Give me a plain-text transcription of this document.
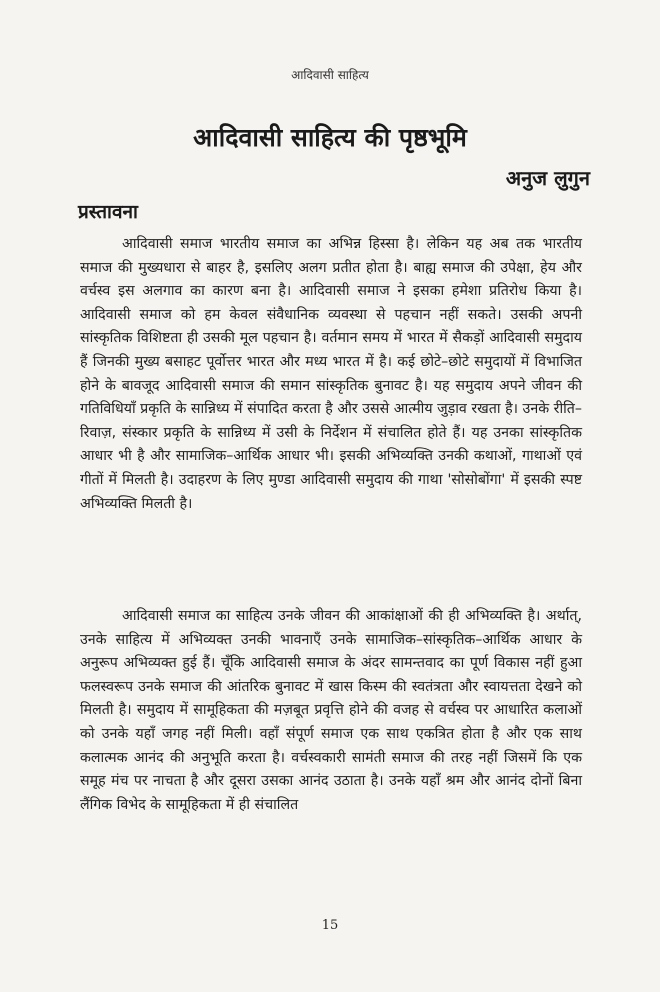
आदिवासी साहित्य
आदिवासी साहित्य की पृष्ठभूमि
अनुज लुगुन
प्रस्तावना

आदिवासी समाज भारतीय समाज का अभिन्न हिस्सा है। लेकिन यह अब तक भारतीय समाज की मुख्यधारा से बाहर है, इसलिए अलग प्रतीत होता है। बाह्य समाज की उपेक्षा, हेय और वर्चस्व इस अलगाव का कारण बना है। आदिवासी समाज ने इसका हमेशा प्रतिरोध किया है। आदिवासी समाज को हम केवल संवैधानिक व्यवस्था से पहचान नहीं सकते। उसकी अपनी सांस्कृतिक विशिष्टता ही उसकी मूल पहचान है। वर्तमान समय में भारत में सैकड़ों आदिवासी समुदाय हैं जिनकी मुख्य बसाहट पूर्वोत्तर भारत और मध्य भारत में है। कई छोटे–छोटे समुदायों में विभाजित होने के बावजूद आदिवासी समाज की समान सांस्कृतिक बुनावट है। यह समुदाय अपने जीवन की गतिविधियाँ प्रकृति के सान्निध्य में संपादित करता है और उससे आत्मीय जुड़ाव रखता है। उनके रीति–रिवाज़, संस्कार प्रकृति के सान्निध्य में उसी के निर्देशन में संचालित होते हैं। यह उनका सांस्कृतिक आधार भी है और सामाजिक–आर्थिक आधार भी। इसकी अभिव्यक्ति उनकी कथाओं, गाथाओं एवं गीतों में मिलती है। उदाहरण के लिए मुण्डा आदिवासी समुदाय की गाथा 'सोसोबोंगा' में इसकी स्पष्ट अभिव्यक्ति मिलती है।

आदिवासी समाज का साहित्य उनके जीवन की आकांक्षाओं की ही अभिव्यक्ति है। अर्थात्, उनके साहित्य में अभिव्यक्त उनकी भावनाएँ उनके सामाजिक–सांस्कृतिक–आर्थिक आधार के अनुरूप अभिव्यक्त हुई हैं। चूँकि आदिवासी समाज के अंदर सामन्तवाद का पूर्ण विकास नहीं हुआ फलस्वरूप उनके समाज की आंतरिक बुनावट में खास किस्म की स्वतंत्रता और स्वायत्तता देखने को मिलती है। समुदाय में सामूहिकता की मज़बूत प्रवृत्ति होने की वजह से वर्चस्व पर आधारित कलाओं को उनके यहाँ जगह नहीं मिली। वहाँ संपूर्ण समाज एक साथ एकत्रित होता है और एक साथ कलात्मक आनंद की अनुभूति करता है। वर्चस्वकारी सामंती समाज की तरह नहीं जिसमें कि एक समूह मंच पर नाचता है और दूसरा उसका आनंद उठाता है। उनके यहाँ श्रम और आनंद दोनों बिना लैंगिक विभेद के सामूहिकता में ही संचालित

15
